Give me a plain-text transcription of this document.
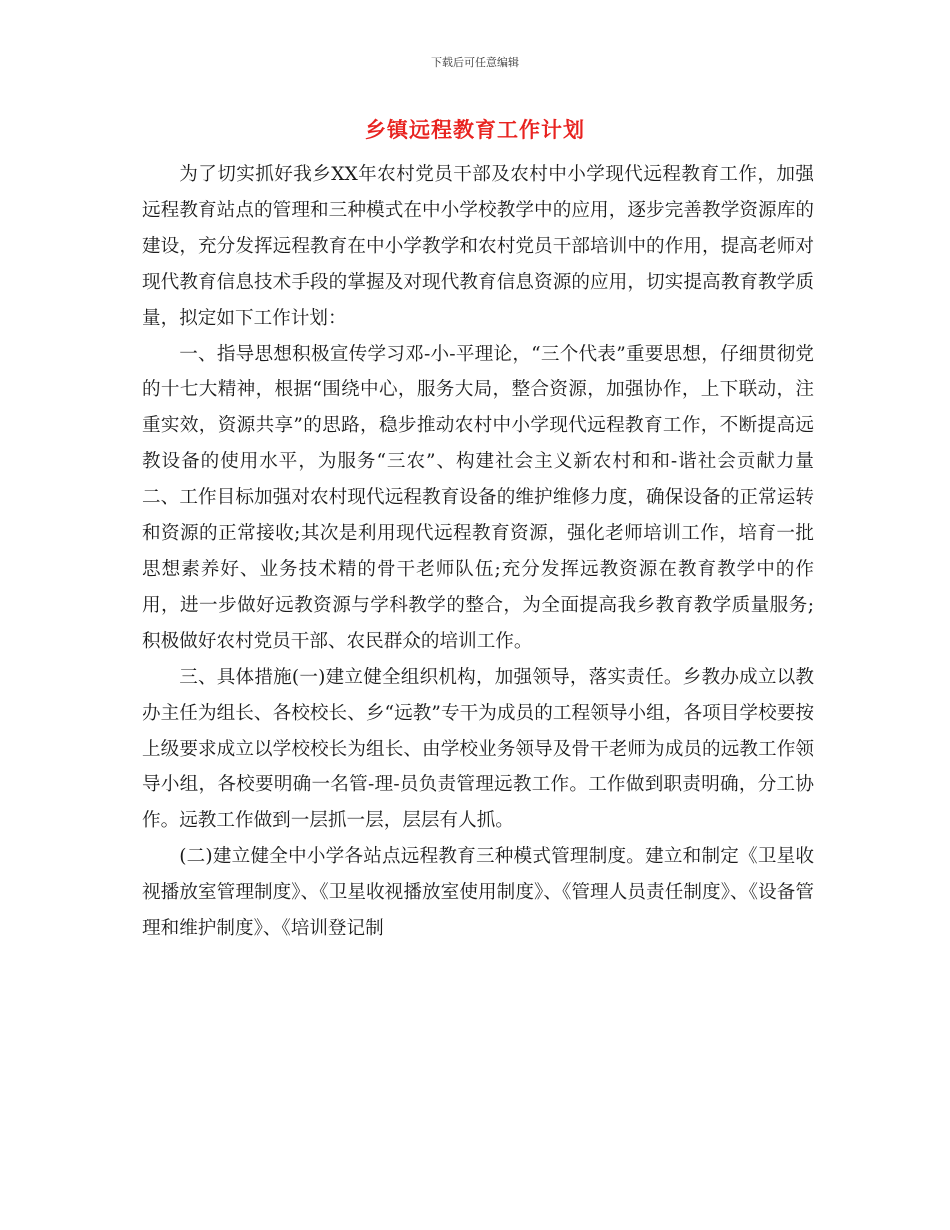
下载后可任意编辑
乡镇远程教育工作计划

为了切实抓好我乡XX年农村党员干部及农村中小学现代远程教育工作，加强远程教育站点的管理和三种模式在中小学校教学中的应用，逐步完善教学资源库的建设，充分发挥远程教育在中小学教学和农村党员干部培训中的作用，提高老师对现代教育信息技术手段的掌握及对现代教育信息资源的应用，切实提高教育教学质量，拟定如下工作计划：

一、指导思想积极宣传学习邓-小-平理论，“三个代表”重要思想，仔细贯彻党的十七大精神，根据“围绕中心，服务大局，整合资源，加强协作，上下联动，注重实效，资源共享”的思路，稳步推动农村中小学现代远程教育工作，不断提高远教设备的使用水平，为服务“三农”、构建社会主义新农村和和-谐社会贡献力量二、工作目标加强对农村现代远程教育设备的维护维修力度，确保设备的正常运转和资源的正常接收;其次是利用现代远程教育资源，强化老师培训工作，培育一批思想素养好、业务技术精的骨干老师队伍;充分发挥远教资源在教育教学中的作用，进一步做好远教资源与学科教学的整合，为全面提高我乡教育教学质量服务;积极做好农村党员干部、农民群众的培训工作。

三、具体措施(一)建立健全组织机构，加强领导，落实责任。乡教办成立以教办主任为组长、各校校长、乡“远教”专干为成员的工程领导小组，各项目学校要按上级要求成立以学校校长为组长、由学校业务领导及骨干老师为成员的远教工作领导小组，各校要明确一名管-理-员负责管理远教工作。工作做到职责明确，分工协作。远教工作做到一层抓一层，层层有人抓。

(二)建立健全中小学各站点远程教育三种模式管理制度。建立和制定《卫星收视播放室管理制度》、《卫星收视播放室使用制度》、《管理人员责任制度》、《设备管理和维护制度》、《培训登记制
